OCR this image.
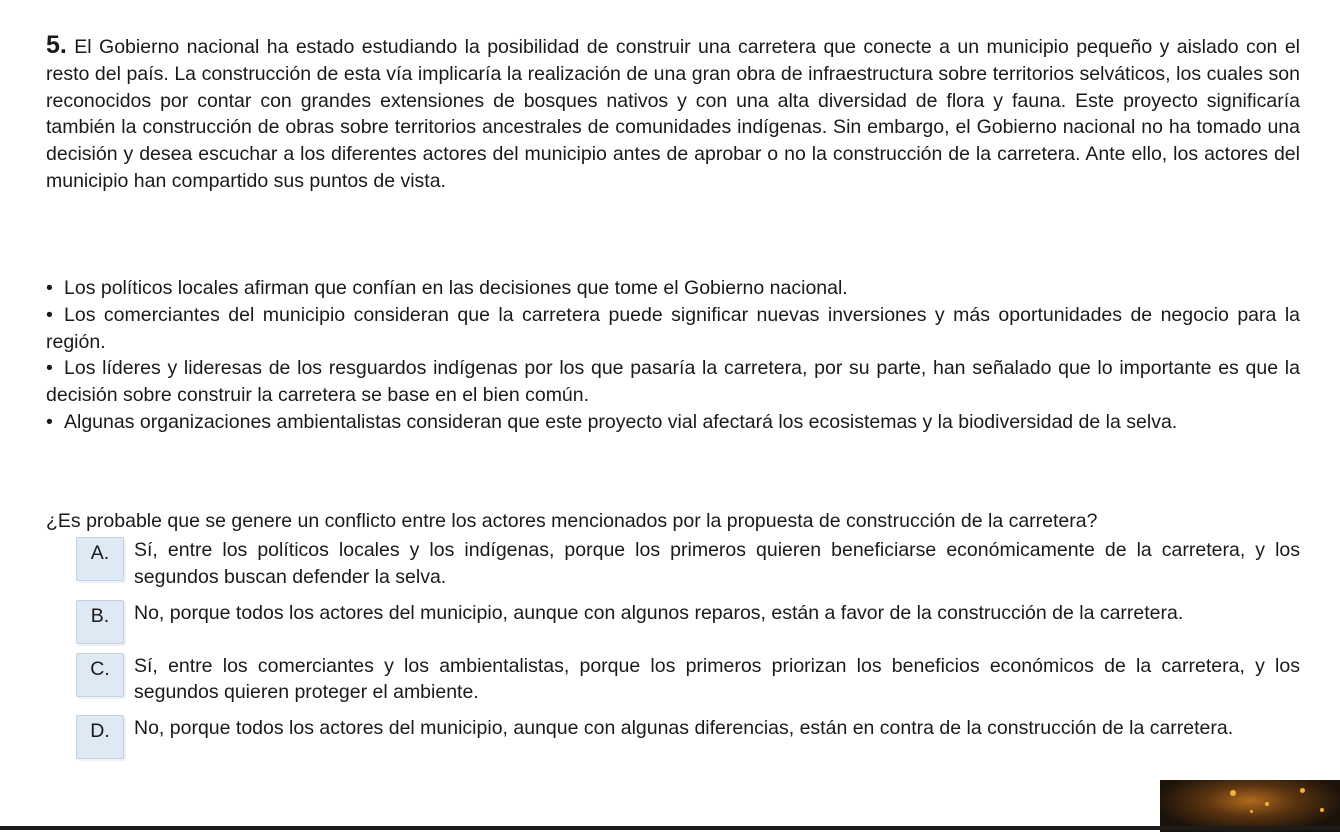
5. El Gobierno nacional ha estado estudiando la posibilidad de construir una carretera que conecte a un municipio pequeño y aislado con el resto del país. La construcción de esta vía implicaría la realización de una gran obra de infraestructura sobre territorios selváticos, los cuales son reconocidos por contar con grandes extensiones de bosques nativos y con una alta diversidad de flora y fauna. Este proyecto significaría también la construcción de obras sobre territorios ancestrales de comunidades indígenas. Sin embargo, el Gobierno nacional no ha tomado una decisión y desea escuchar a los diferentes actores del municipio antes de aprobar o no la construcción de la carretera. Ante ello, los actores del municipio han compartido sus puntos de vista.
• Los políticos locales afirman que confían en las decisiones que tome el Gobierno nacional.
• Los comerciantes del municipio consideran que la carretera puede significar nuevas inversiones y más oportunidades de negocio para la región.
• Los líderes y lideresas de los resguardos indígenas por los que pasaría la carretera, por su parte, han señalado que lo importante es que la decisión sobre construir la carretera se base en el bien común.
• Algunas organizaciones ambientalistas consideran que este proyecto vial afectará los ecosistemas y la biodiversidad de la selva.
¿Es probable que se genere un conflicto entre los actores mencionados por la propuesta de construcción de la carretera?
A.	Sí, entre los políticos locales y los indígenas, porque los primeros quieren beneficiarse económicamente de la carretera, y los segundos buscan defender la selva.
B.	No, porque todos los actores del municipio, aunque con algunos reparos, están a favor de la construcción de la carretera.
C.	Sí, entre los comerciantes y los ambientalistas, porque los primeros priorizan los beneficios económicos de la carretera, y los segundos quieren proteger el ambiente.
D.	No, porque todos los actores del municipio, aunque con algunas diferencias, están en contra de la construcción de la carretera.
